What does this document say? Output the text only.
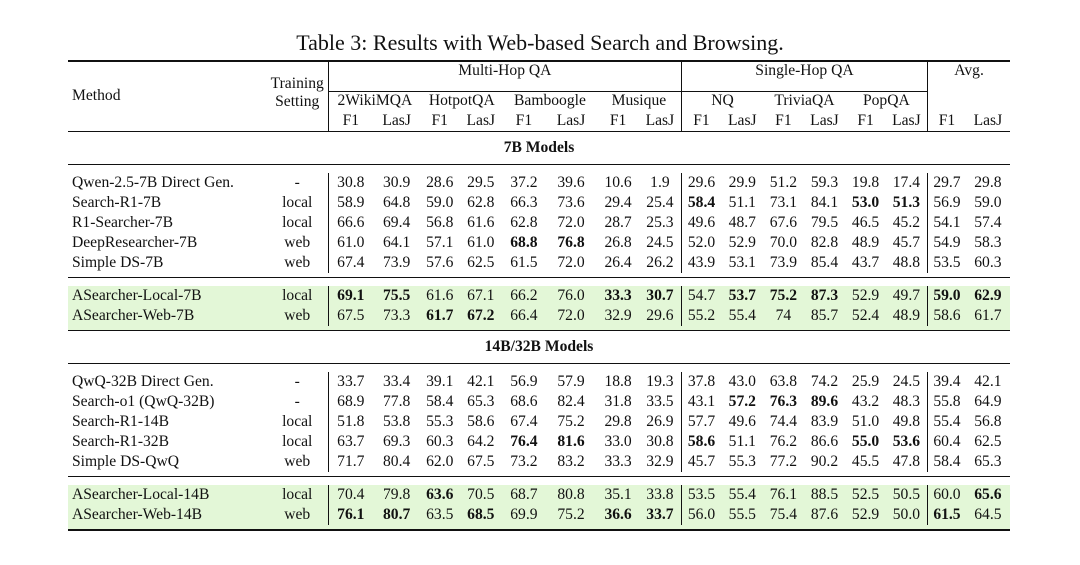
Table 3: Results with Web-based Search and Browsing.
Method	Training
Setting	Multi-Hop QA								Single-Hop QA						Avg.	
		2WikiMQA		HotpotQA		Bamboogle		Musique		NQ		TriviaQA		PopQA			
		F1	LasJ	F1	LasJ	F1	LasJ	F1	LasJ	F1	LasJ	F1	LasJ	F1	LasJ	F1	LasJ
7B Models																	

Qwen-2.5-7B Direct Gen.	-	30.8	30.9	28.6	29.5	37.2	39.6	10.6	1.9	29.6	29.9	51.2	59.3	19.8	17.4	29.7	29.8
Search-R1-7B	local	58.9	64.8	59.0	62.8	66.3	73.6	29.4	25.4	58.4	51.1	73.1	84.1	53.0	51.3	56.9	59.0
R1-Searcher-7B	local	66.6	69.4	56.8	61.6	62.8	72.0	28.7	25.3	49.6	48.7	67.6	79.5	46.5	45.2	54.1	57.4
DeepResearcher-7B	web	61.0	64.1	57.1	61.0	68.8	76.8	26.8	24.5	52.0	52.9	70.0	82.8	48.9	45.7	54.9	58.3
Simple DS-7B	web	67.4	73.9	57.6	62.5	61.5	72.0	26.4	26.2	43.9	53.1	73.9	85.4	43.7	48.8	53.5	60.3

ASearcher-Local-7B	local	69.1	75.5	61.6	67.1	66.2	76.0	33.3	30.7	54.7	53.7	75.2	87.3	52.9	49.7	59.0	62.9
ASearcher-Web-7B	web	67.5	73.3	61.7	67.2	66.4	72.0	32.9	29.6	55.2	55.4	74	85.7	52.4	48.9	58.6	61.7

14B/32B Models																	

QwQ-32B Direct Gen.	-	33.7	33.4	39.1	42.1	56.9	57.9	18.8	19.3	37.8	43.0	63.8	74.2	25.9	24.5	39.4	42.1
Search-o1 (QwQ-32B)	-	68.9	77.8	58.4	65.3	68.6	82.4	31.8	33.5	43.1	57.2	76.3	89.6	43.2	48.3	55.8	64.9
Search-R1-14B	local	51.8	53.8	55.3	58.6	67.4	75.2	29.8	26.9	57.7	49.6	74.4	83.9	51.0	49.8	55.4	56.8
Search-R1-32B	local	63.7	69.3	60.3	64.2	76.4	81.6	33.0	30.8	58.6	51.1	76.2	86.6	55.0	53.6	60.4	62.5
Simple DS-QwQ	web	71.7	80.4	62.0	67.5	73.2	83.2	33.3	32.9	45.7	55.3	77.2	90.2	45.5	47.8	58.4	65.3

ASearcher-Local-14B	local	70.4	79.8	63.6	70.5	68.7	80.8	35.1	33.8	53.5	55.4	76.1	88.5	52.5	50.5	60.0	65.6
ASearcher-Web-14B	web	76.1	80.7	63.5	68.5	69.9	75.2	36.6	33.7	56.0	55.5	75.4	87.6	52.9	50.0	61.5	64.5
